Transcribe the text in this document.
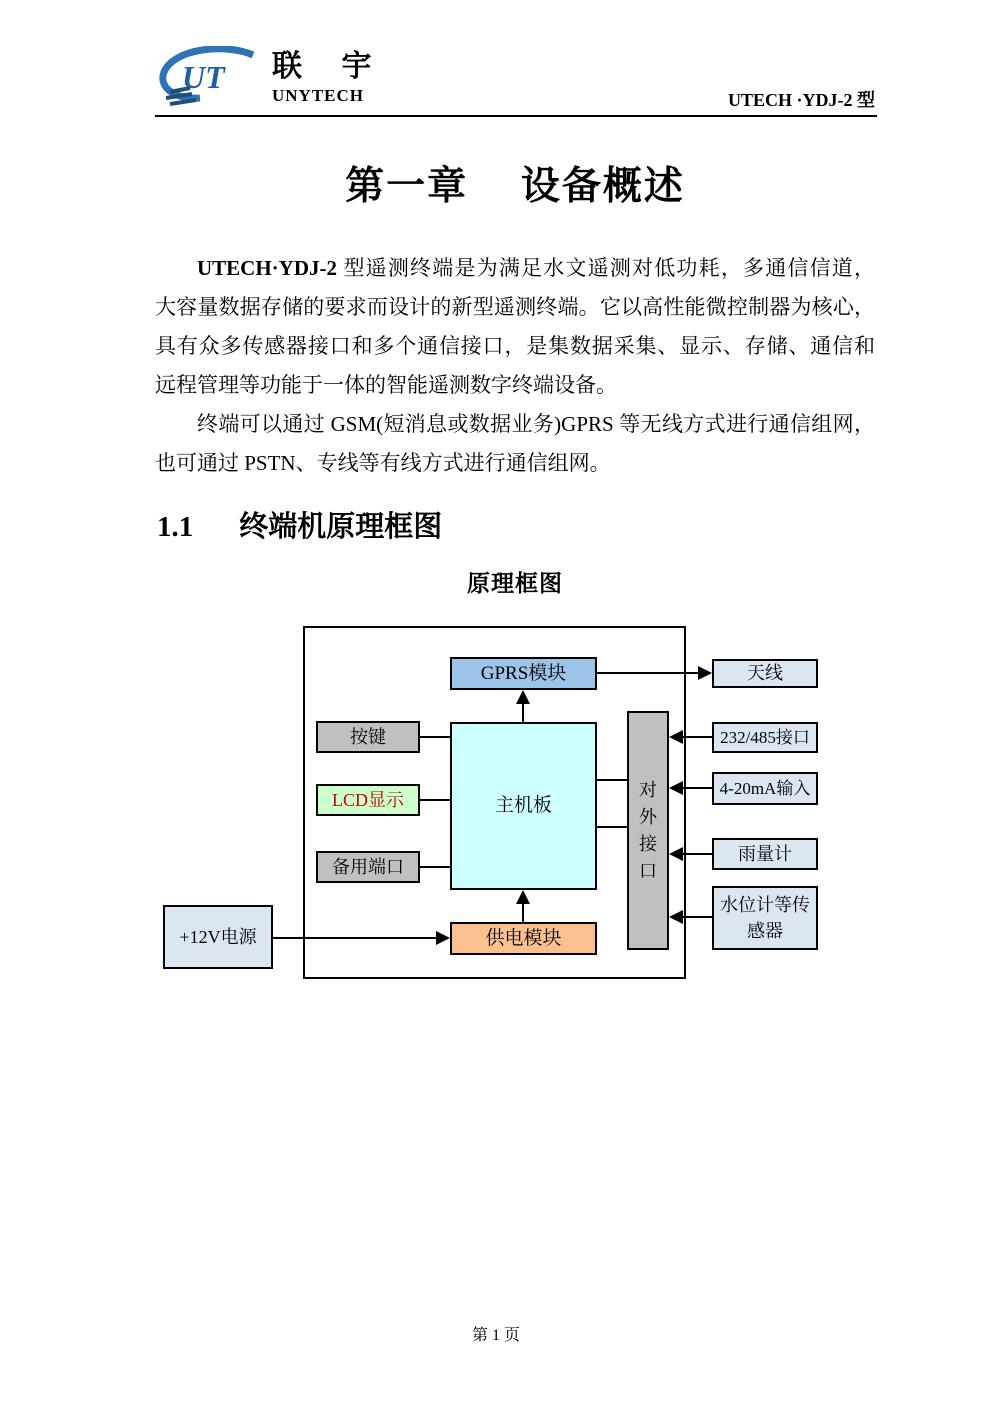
UT 联 宇
UNYTECH	UTECH ·YDJ-2 型
第一章　 设备概述
UTECH·YDJ-2 型遥测终端是为满足水文遥测对低功耗，多通信信道，
大容量数据存储的要求而设计的新型遥测终端。它以高性能微控制器为核心，
具有众多传感器接口和多个通信接口，是集数据采集、显示、存储、通信和
远程管理等功能于一体的智能遥测数字终端设备。
终端可以通过 GSM(短消息或数据业务)GPRS 等无线方式进行通信组网，
也可通过 PSTN、专线等有线方式进行通信组网。
1.1 终端机原理框图
原理框图
GPRS模块	天线
按键	232/485接口
LCD显示
4-20mA输入
主机板
备用端口
雨量计
对外接口
水位计等传感器
+12V电源	供电模块
第 1 页
